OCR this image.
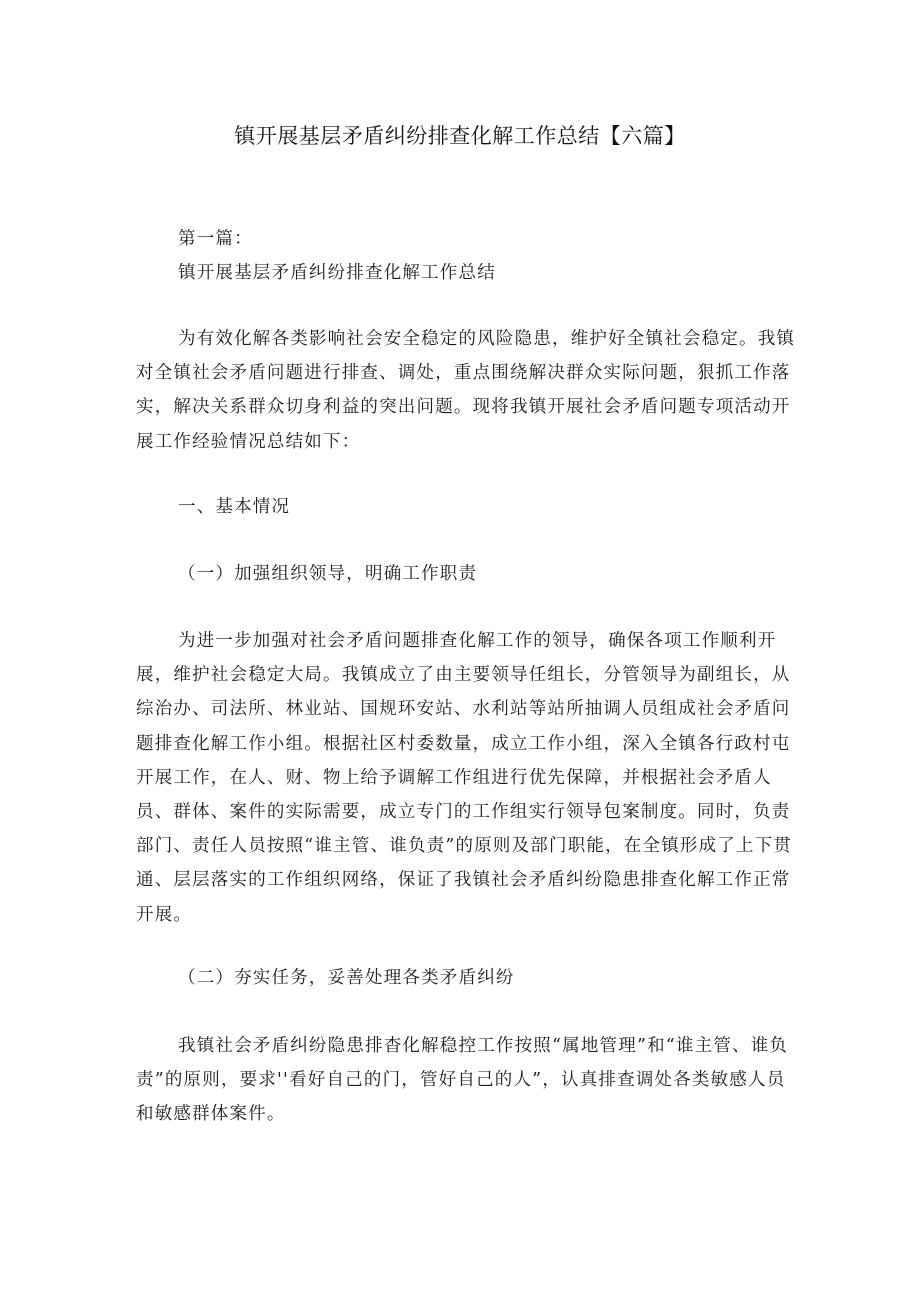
镇开展基层矛盾纠纷排查化解工作总结【六篇】

第一篇：

镇开展基层矛盾纠纷排查化解工作总结

为有效化解各类影响社会安全稳定的风险隐患，维护好全镇社会稳定。我镇对全镇社会矛盾问题进行排查、调处，重点围绕解决群众实际问题，狠抓工作落实，解决关系群众切身利益的突出问题。现将我镇开展社会矛盾问题专项活动开展工作经验情况总结如下：

一、基本情况

（一）加强组织领导，明确工作职责

为进一步加强对社会矛盾问题排查化解工作的领导，确保各项工作顺利开展，维护社会稳定大局。我镇成立了由主要领导任组长，分管领导为副组长，从综治办、司法所、林业站、国规环安站、水利站等站所抽调人员组成社会矛盾问题排查化解工作小组。根据社区村委数量，成立工作小组，深入全镇各行政村屯开展工作，在人、财、物上给予调解工作组进行优先保障，并根据社会矛盾人员、群体、案件的实际需要，成立专门的工作组实行领导包案制度。同时，负责部门、责任人员按照“谁主管、谁负责”的原则及部门职能，在全镇形成了上下贯通、层层落实的工作组织网络，保证了我镇社会矛盾纠纷隐患排查化解工作正常开展。

（二）夯实任务，妥善处理各类矛盾纠纷

我镇社会矛盾纠纷隐患排杳化解稳控工作按照“属地管理”和“谁主管、谁负责”的原则，要求''看好自己的门，管好自己的人”，认真排查调处各类敏感人员和敏感群体案件。
